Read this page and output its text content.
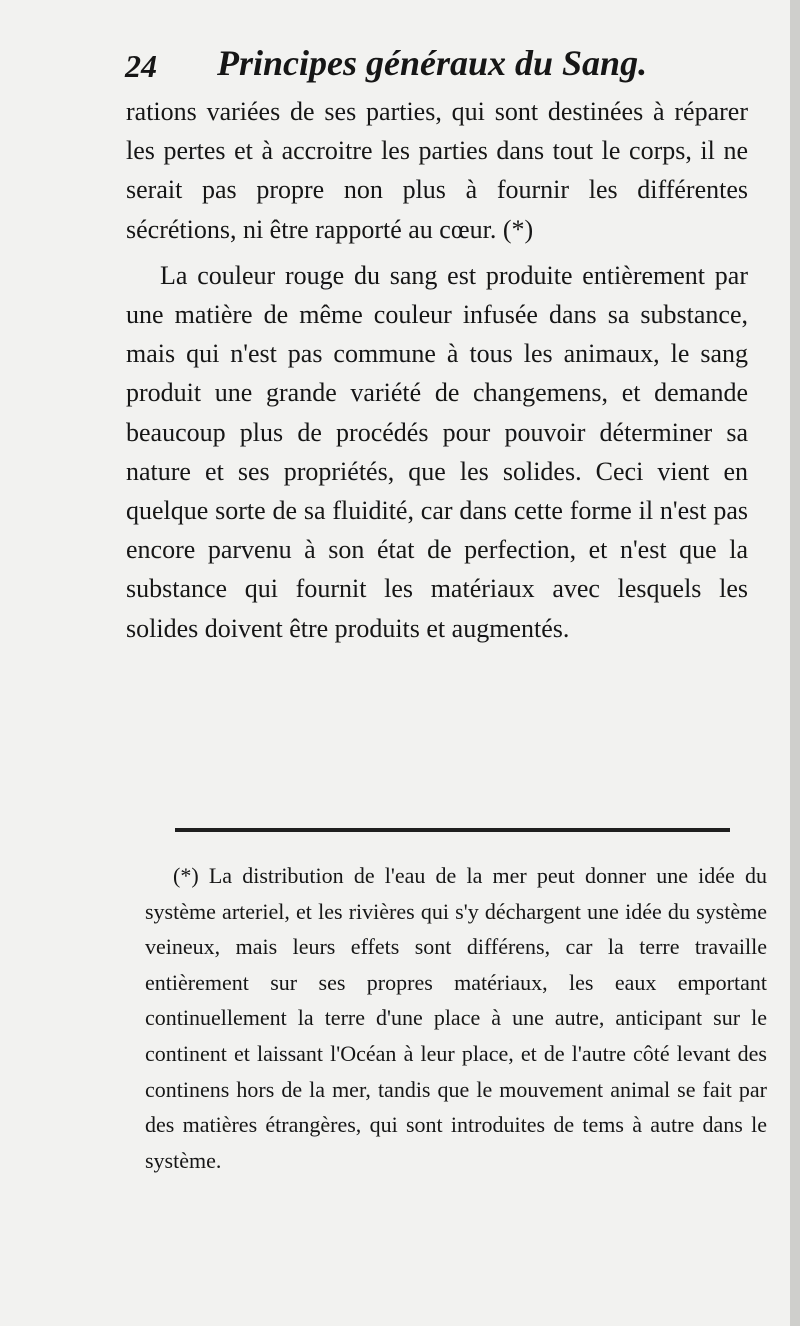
24 Principes généraux du Sang.

rations variées de ses parties, qui sont destinées à réparer les pertes et à accroitre les parties dans tout le corps, il ne serait pas propre non plus à fournir les différentes sécrétions, ni être rapporté au cœur. (*)

La couleur rouge du sang est produite entièrement par une matière de même couleur infusée dans sa substance, mais qui n'est pas commune à tous les animaux, le sang produit une grande variété de changemens, et demande beaucoup plus de procédés pour pouvoir déterminer sa nature et ses propriétés, que les solides. Ceci vient en quelque sorte de sa fluidité, car dans cette forme il n'est pas encore parvenu à son état de perfection, et n'est que la substance qui fournit les matériaux avec lesquels les solides doivent être produits et augmentés.

(*) La distribution de l'eau de la mer peut donner une idée du système arteriel, et les rivières qui s'y déchargent une idée du système veineux, mais leurs effets sont différens, car la terre travaille entièrement sur ses propres matériaux, les eaux emportant continuellement la terre d'une place à une autre, anticipant sur le continent et laissant l'Océan à leur place, et de l'autre côté levant des continens hors de la mer, tandis que le mouvement animal se fait par des matières étrangères, qui sont introduites de tems à autre dans le système.
